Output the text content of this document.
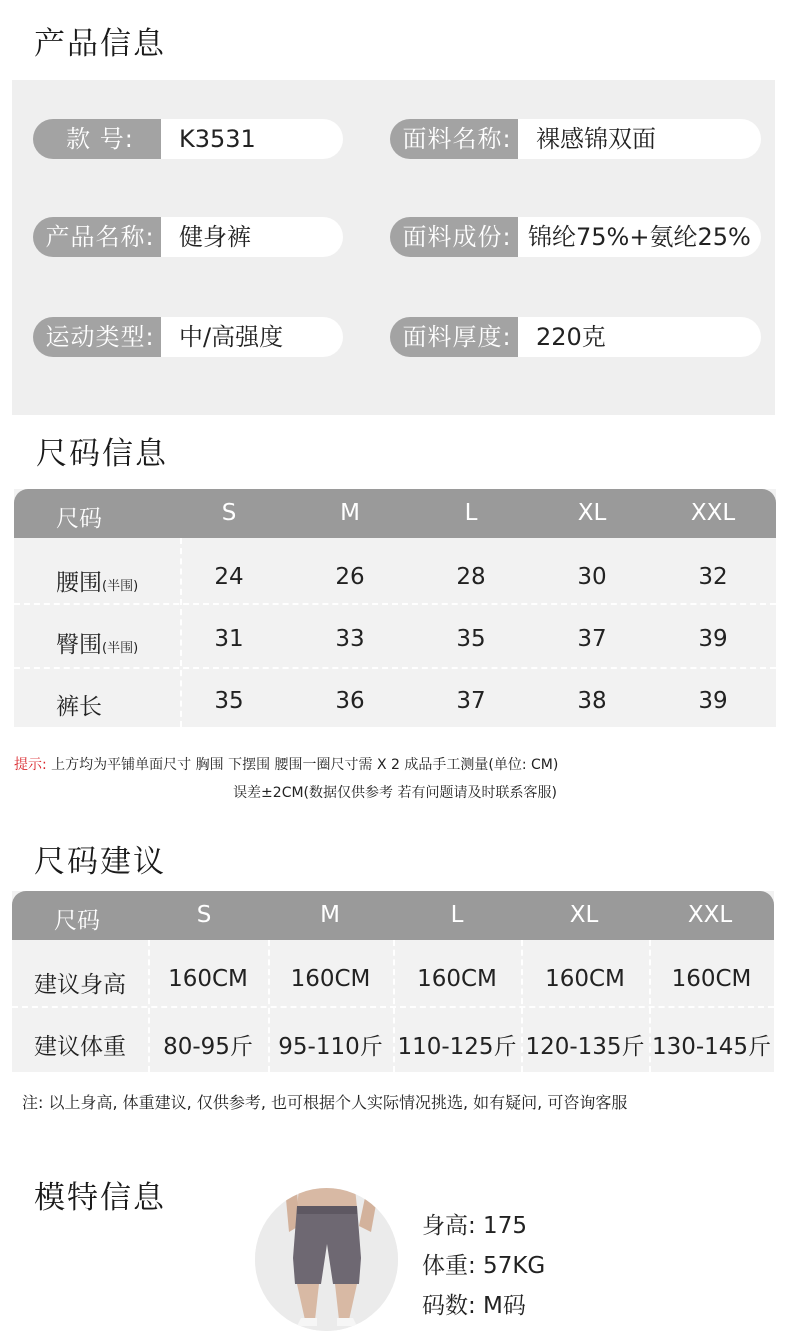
产品信息
款 号:	K3531	面料名称:	裸感锦双面
产品名称:	健身裤	面料成份: 锦纶75%+氨纶25%
运动类型:	中/高强度	面料厚度:	220克
尺码信息
尺码	S	M	L	XL	XXL
腰围(半围)	24	26	28	30	32
臀围(半围)	31	33	35	37	39
裤长	35	36	37	38	39
提示: 上方均为平铺单面尺寸 胸围 下摆围 腰围一圈尺寸需 X 2 成品手工测量(单位: CM)
误差±2CM(数据仅供参考 若有问题请及时联系客服)
尺码建议
尺码	S	M	L	XL	XXL
建议身高	160CM	160CM	160CM	160CM	160CM
建议体重	80-95斤	95-110斤 110-125斤 120-135斤 130-145斤
注: 以上身高, 体重建议, 仅供参考, 也可根据个人实际情况挑选, 如有疑问, 可咨询客服
模特信息
身高: 175
体重: 57KG
码数: M码
